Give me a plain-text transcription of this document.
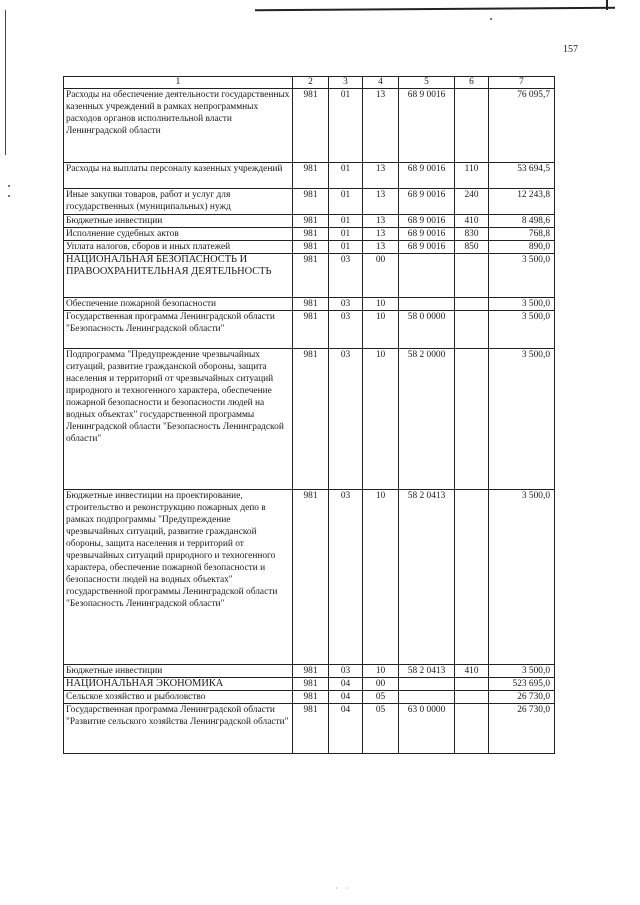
157
1	2	3	4	5	6	7
Расходы на обеспечение деятельности государственных казенных учреждений в рамках непрограммных расходов органов исполнительной власти Ленинградской области	981	01	13	68 9 0016		76 095,7
Расходы на выплаты персоналу казенных учреждений	981	01	13	68 9 0016	110	53 694,5
Иные закупки товаров, работ и услуг для государственных (муниципальных) нужд	981	01	13	68 9 0016	240	12 243,8
Бюджетные инвестиции	981	01	13	68 9 0016	410	8 498,6
Исполнение судебных актов	981	01	13	68 9 0016	830	768,8
Уплата налогов, сборов и иных платежей	981	01	13	68 9 0016	850	890,0
НАЦИОНАЛЬНАЯ БЕЗОПАСНОСТЬ И ПРАВООХРАНИТЕЛЬНАЯ ДЕЯТЕЛЬНОСТЬ	981	03	00			3 500,0
Обеспечение пожарной безопасности	981	03	10			3 500,0
Государственная программа Ленинградской области "Безопасность Ленинградской области"	981	03	10	58 0 0000		3 500,0
Подпрограмма "Предупреждение чрезвычайных ситуаций, развитие гражданской обороны, защита населения и территорий от чрезвычайных ситуаций природного и техногенного характера, обеспечение пожарной безопасности и безопасности людей на водных объектах" государственной программы Ленинградской области "Безопасность Ленинградской области"	981	03	10	58 2 0000		3 500,0
Бюджетные инвестиции на проектирование, строительство и реконструкцию пожарных депо в рамках подпрограммы "Предупреждение чрезвычайных ситуаций, развитие гражданской обороны, защита населения и территорий от чрезвычайных ситуаций природного и техногенного характера, обеспечение пожарной безопасности и безопасности людей на водных объектах" государственной программы Ленинградской области "Безопасность Ленинградской области"	981	03	10	58 2 0413		3 500,0
Бюджетные инвестиции	981	03	10	58 2 0413	410	3 500,0
НАЦИОНАЛЬНАЯ ЭКОНОМИКА	981	04	00			523 695,0
Сельское хозяйство и рыболовство	981	04	05			26 730,0
Государственная программа Ленинградской области "Развитие сельского хозяйства Ленинградской области"	981	04	05	63 0 0000		26 730,0
· ·
